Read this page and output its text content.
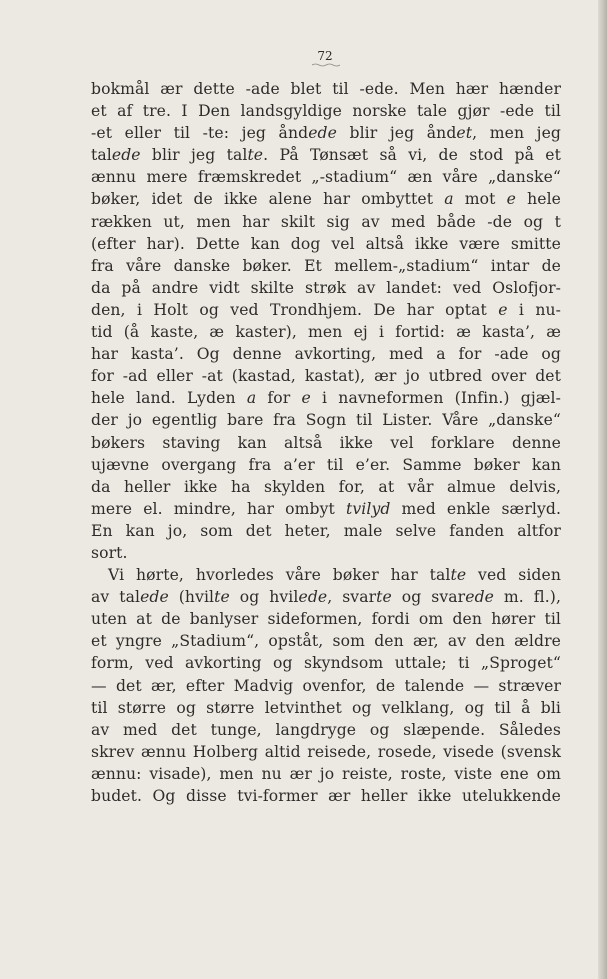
72
bokmål ær dette -ade blet til -ede. Men hær hænder
et af tre. I Den landsgyldige norske tale gjør -ede til
-et eller til -te: jeg åndede blir jeg åndet, men jeg
talede blir jeg talte. På Tønsæt så vi, de stod på et
ænnu mere fræmskredet „-stadium“ æn våre „danske“
bøker, idet de ikke alene har ombyttet a mot e hele
rækken ut, men har skilt sig av med både -de og t
(efter har). Dette kan dog vel altså ikke være smitte
fra våre danske bøker. Et mellem-„stadium“ intar de
da på andre vidt skilte strøk av landet: ved Oslofjor-
den, i Holt og ved Trondhjem. De har optat e i nu-
tid (å kaste, æ kaster), men ej i fortid: æ kasta’, æ
har kasta’. Og denne avkorting, med a for -ade og
for -ad eller -at (kastad, kastat), ær jo utbred over det
hele land. Lyden a for e i navneformen (Infin.) gjæl-
der jo egentlig bare fra Sogn til Lister. Våre „danske“
bøkers staving kan altså ikke vel forklare denne
ujævne overgang fra a’er til e’er. Samme bøker kan
da heller ikke ha skylden for, at vår almue delvis,
mere el. mindre, har ombyt tvilyd med enkle særlyd.
En kan jo, som det heter, male selve fanden altfor
sort.
Vi hørte, hvorledes våre bøker har talte ved siden
av talede (hvilte og hvilede, svarte og svarede m. fl.),
uten at de banlyser sideformen, fordi om den hører til
et yngre „Stadium“, opståt, som den ær, av den ældre
form, ved avkorting og skyndsom uttale; ti „Sproget“
— det ær, efter Madvig ovenfor, de talende — stræver
til større og større letvinthet og velklang, og til å bli
av med det tunge, langdryge og slæpende. Således
skrev ænnu Holberg altid reisede, rosede, visede (svensk
ænnu: visade), men nu ær jo reiste, roste, viste ene om
budet. Og disse tvi-former ær heller ikke utelukkende
